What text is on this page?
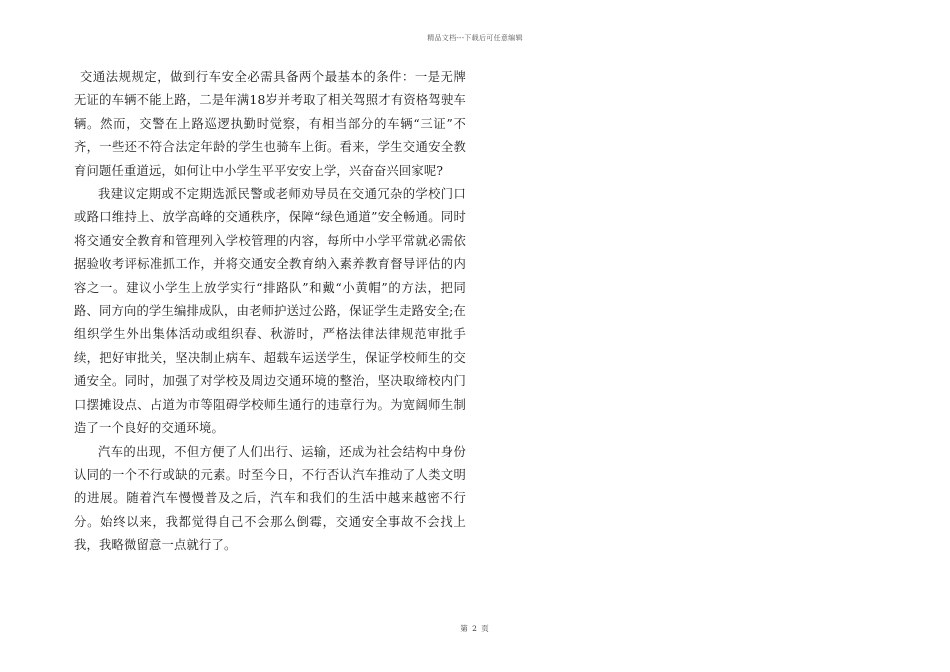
精品文档---下载后可任意编辑

交通法规规定，做到行车安全必需具备两个最基本的条件：一是无牌无证的车辆不能上路，二是年满18岁并考取了相关驾照才有资格驾驶车辆。然而，交警在上路巡逻执勤时觉察，有相当部分的车辆“三证”不齐，一些还不符合法定年龄的学生也骑车上街。看来，学生交通安全教育问题任重道远，如何让中小学生平平安安上学，兴奋奋兴回家呢?

我建议定期或不定期选派民警或老师劝导员在交通冗杂的学校门口或路口维持上、放学高峰的交通秩序，保障“绿色通道”安全畅通。同时将交通安全教育和管理列入学校管理的内容，每所中小学平常就必需依据验收考评标准抓工作，并将交通安全教育纳入素养教育督导评估的内容之一。建议小学生上放学实行“排路队”和戴“小黄帽”的方法，把同路、同方向的学生编排成队，由老师护送过公路，保证学生走路安全;在组织学生外出集体活动或组织春、秋游时，严格法律法律规范审批手续，把好审批关，坚决制止病车、超载车运送学生，保证学校师生的交通安全。同时，加强了对学校及周边交通环境的整治，坚决取缔校内门口摆摊设点、占道为市等阻碍学校师生通行的违章行为。为宽阔师生制造了一个良好的交通环境。

汽车的出现，不但方便了人们出行、运输，还成为社会结构中身份认同的一个不行或缺的元素。时至今日，不行否认汽车推动了人类文明的进展。随着汽车慢慢普及之后，汽车和我们的生活中越来越密不行分。始终以来，我都觉得自己不会那么倒霉，交通安全事故不会找上我，我略微留意一点就行了。

第 2 页
